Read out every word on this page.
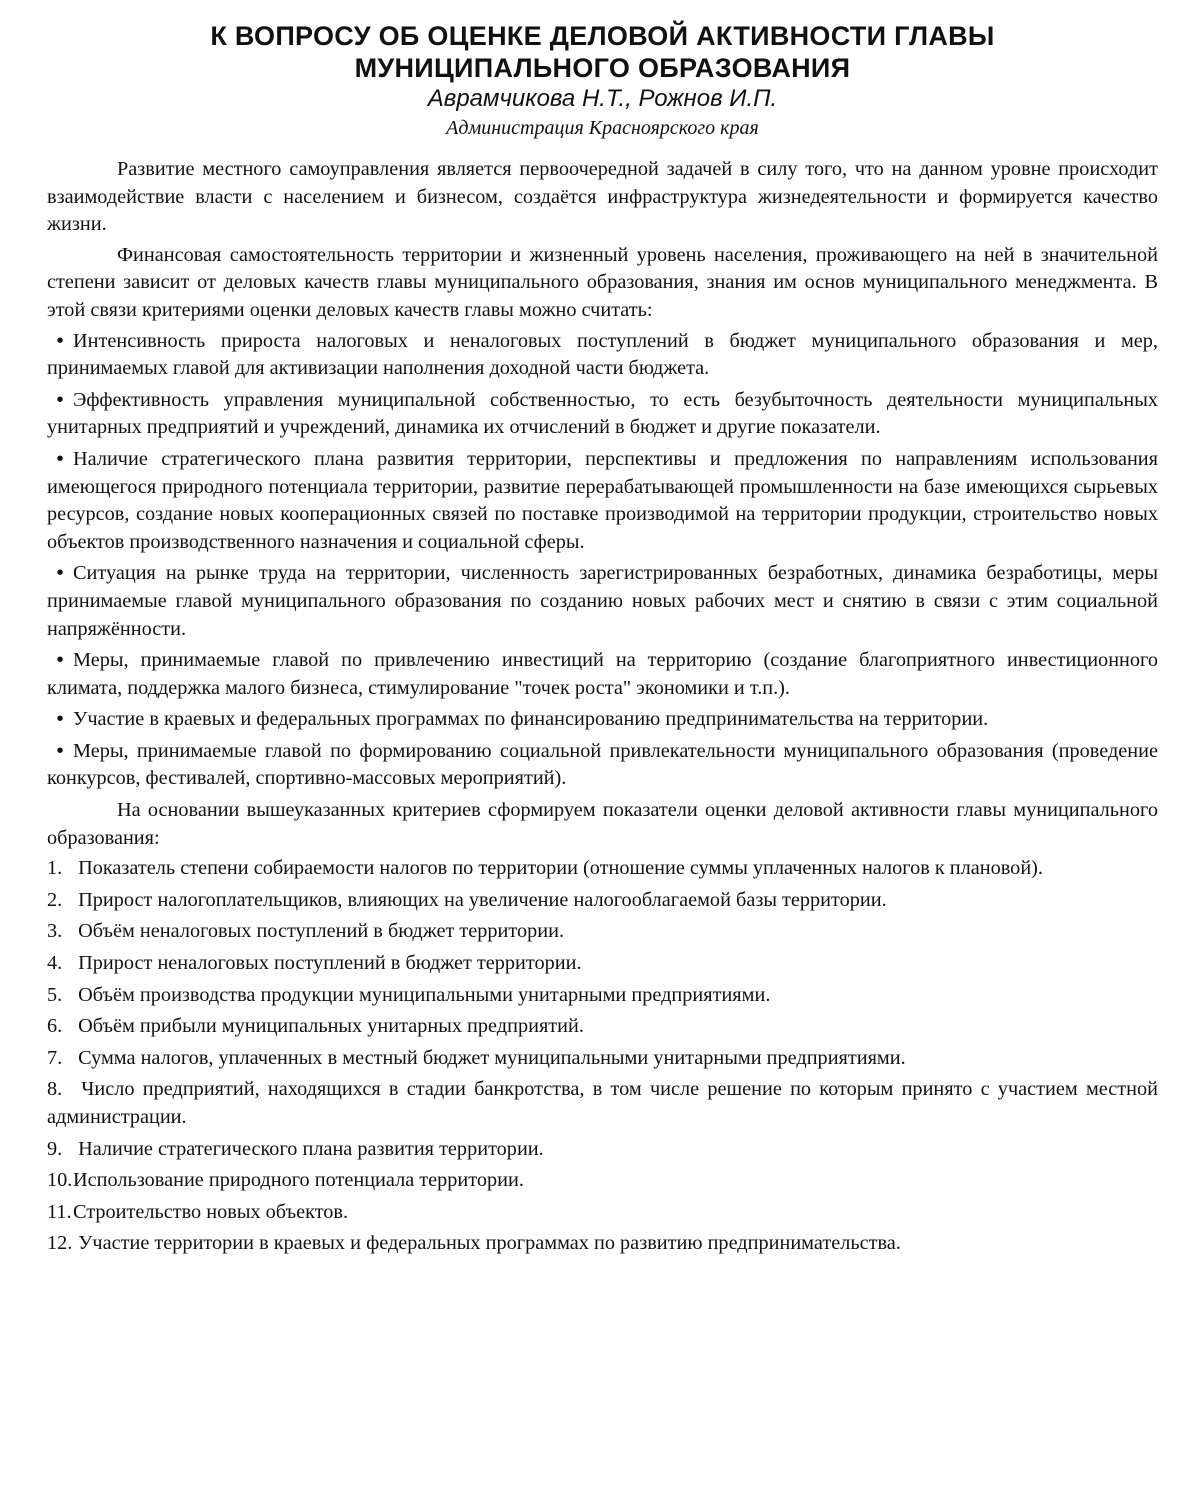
К ВОПРОСУ ОБ ОЦЕНКЕ ДЕЛОВОЙ АКТИВНОСТИ ГЛАВЫ
МУНИЦИПАЛЬНОГО ОБРАЗОВАНИЯ

Аврамчикова Н.Т., Рожнов И.П.

Администрация Красноярского края

Развитие местного самоуправления является первоочередной задачей в силу того, что на данном уровне происходит взаимодействие власти с населением и бизнесом, создаётся инфраструктура жизнедеятельности и формируется качество жизни.

Финансовая самостоятельность территории и жизненный уровень населения, проживающего на ней в значительной степени зависит от деловых качеств главы муниципального образования, знания им основ муниципального менеджмента. В этой связи критериями оценки деловых качеств главы можно считать:

• Интенсивность прироста налоговых и неналоговых поступлений в бюджет муниципального образования и мер, принимаемых главой для активизации наполнения доходной части бюджета.
• Эффективность управления муниципальной собственностью, то есть безубыточность деятельности муниципальных унитарных предприятий и учреждений, динамика их отчислений в бюджет и другие показатели.
• Наличие стратегического плана развития территории, перспективы и предложения по направлениям использования имеющегося природного потенциала территории, развитие перерабатывающей промышленности на базе имеющихся сырьевых ресурсов, создание новых кооперационных связей по поставке производимой на территории продукции, строительство новых объектов производственного назначения и социальной сферы.
• Ситуация на рынке труда на территории, численность зарегистрированных безработных, динамика безработицы, меры принимаемые главой муниципального образования по созданию новых рабочих мест и снятию в связи с этим социальной напряжённости.
• Меры, принимаемые главой по привлечению инвестиций на территорию (создание благоприятного инвестиционного климата, поддержка малого бизнеса, стимулирование "точек роста" экономики и т.п.).
• Участие в краевых и федеральных программах по финансированию предпринимательства на территории.
• Меры, принимаемые главой по формированию социальной привлекательности муниципального образования (проведение конкурсов, фестивалей, спортивно-массовых мероприятий).

На основании вышеуказанных критериев сформируем показатели оценки деловой активности главы муниципального образования:

1. Показатель степени собираемости налогов по территории (отношение суммы уплаченных налогов к плановой).
2. Прирост налогоплательщиков, влияющих на увеличение налогооблагаемой базы территории.
3. Объём неналоговых поступлений в бюджет территории.
4. Прирост неналоговых поступлений в бюджет территории.
5. Объём производства продукции муниципальными унитарными предприятиями.
6. Объём прибыли муниципальных унитарных предприятий.
7. Сумма налогов, уплаченных в местный бюджет муниципальными унитарными предприятиями.
8. Число предприятий, находящихся в стадии банкротства, в том числе решение по которым принято с участием местной администрации.
9. Наличие стратегического плана развития территории.
10.Использование природного потенциала территории.
11.Строительство новых объектов.
12. Участие территории в краевых и федеральных программах по развитию предпринимательства.
